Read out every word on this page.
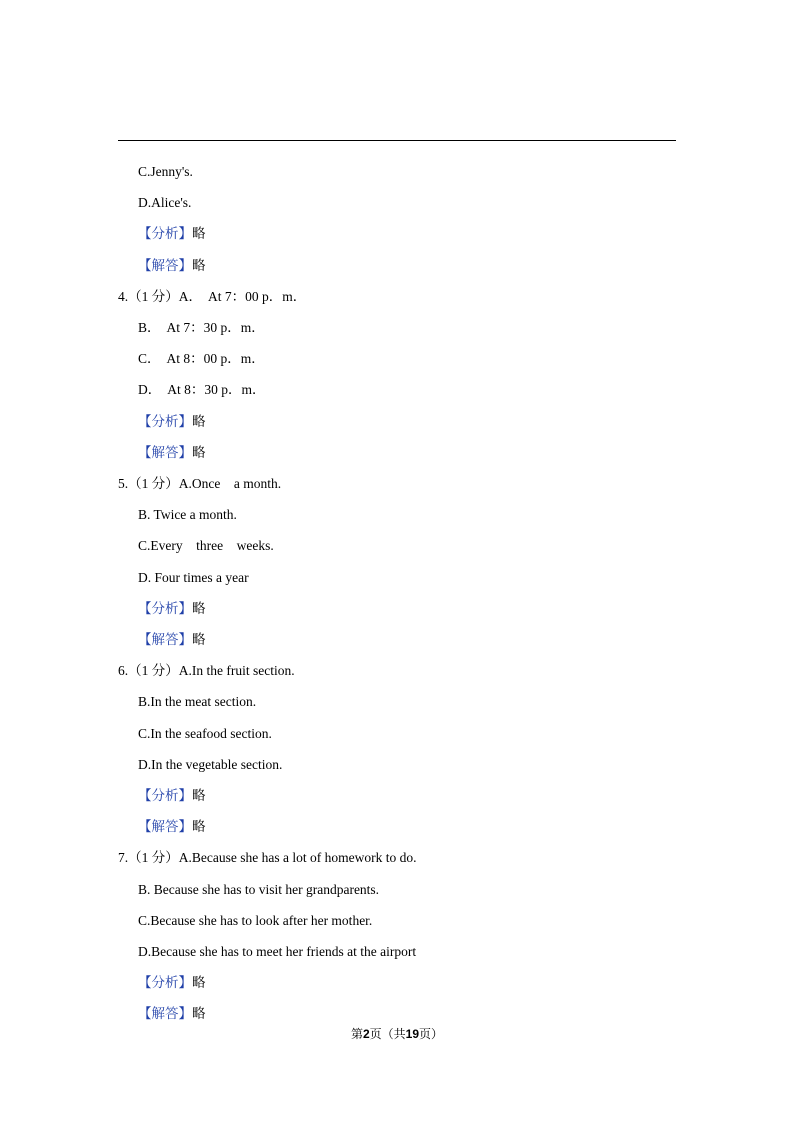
C.Jenny's.
D.Alice's.
【分析】略
【解答】略
4.（1 分）A．  At 7：00 p．m．
B．  At 7：30 p．m．
C．  At 8：00 p．m．
D．  At 8：30 p．m．
【分析】略
【解答】略
5.（1 分）A.Once    a month.
B. Twice a month.
C.Every    three    weeks.
D. Four times a year
【分析】略
【解答】略
6.（1 分）A.In the fruit section.
B.In the meat section.
C.In the seafood section.
D.In the vegetable section.
【分析】略
【解答】略
7.（1 分）A.Because she has a lot of homework to do.
B. Because she has to visit her grandparents.
C.Because she has to look after her mother.
D.Because she has to meet her friends at the airport
【分析】略
【解答】略
第2页（共19页）
